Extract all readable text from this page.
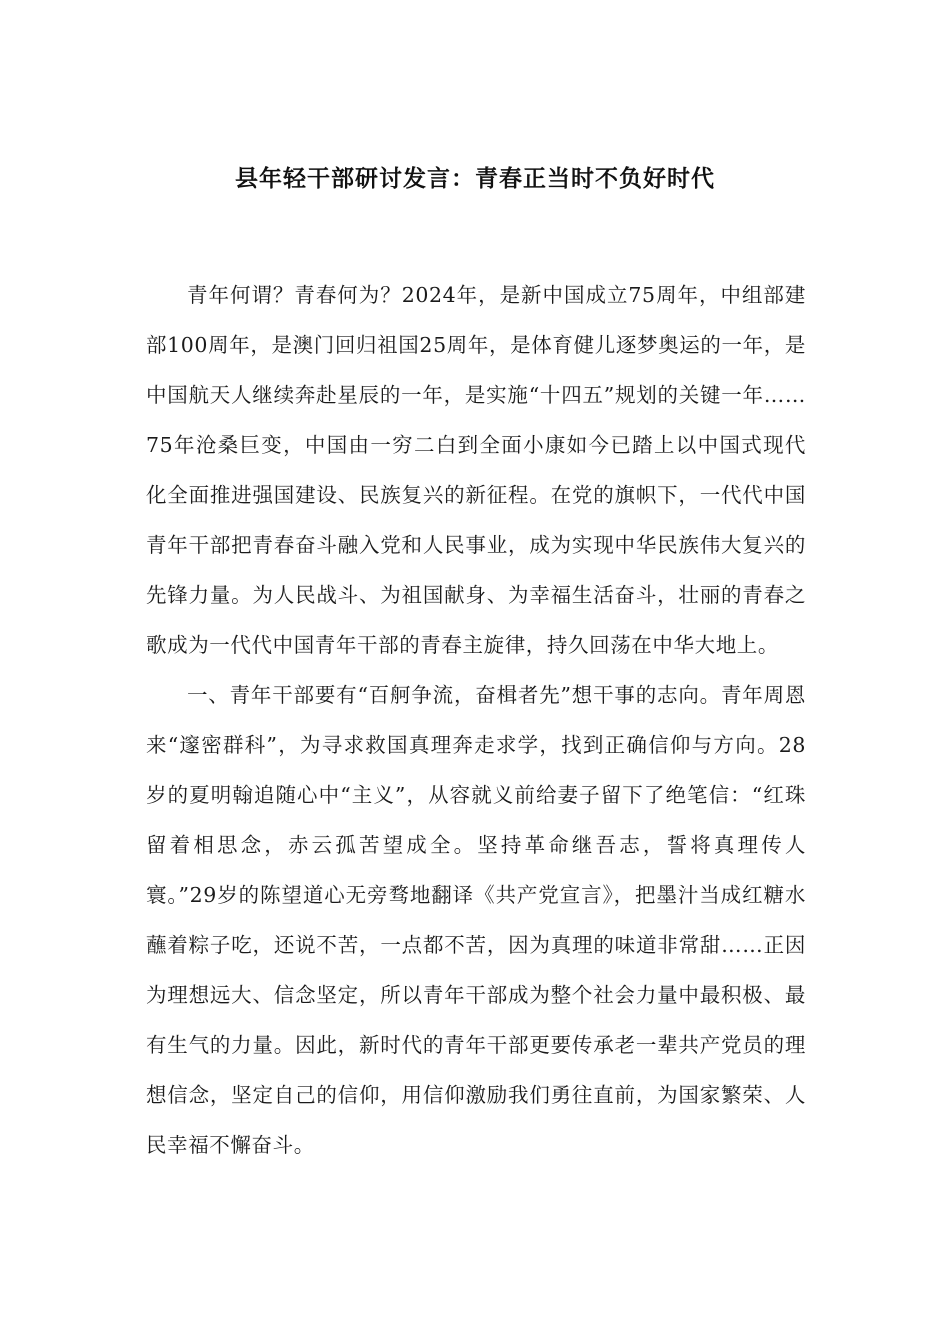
县年轻干部研讨发言：青春正当时不负好时代

青年何谓？青春何为？2024年，是新中国成立75周年，中组部建部100周年，是澳门回归祖国25周年，是体育健儿逐梦奥运的一年，是中国航天人继续奔赴星辰的一年，是实施“十四五”规划的关键一年……75年沧桑巨变，中国由一穷二白到全面小康如今已踏上以中国式现代化全面推进强国建设、民族复兴的新征程。在党的旗帜下，一代代中国青年干部把青春奋斗融入党和人民事业，成为实现中华民族伟大复兴的先锋力量。为人民战斗、为祖国献身、为幸福生活奋斗，壮丽的青春之歌成为一代代中国青年干部的青春主旋律，持久回荡在中华大地上。

一、青年干部要有“百舸争流，奋楫者先”想干事的志向。青年周恩来“邃密群科”，为寻求救国真理奔走求学，找到正确信仰与方向。28岁的夏明翰追随心中“主义”，从容就义前给妻子留下了绝笔信：“红珠留着相思念，赤云孤苦望成全。坚持革命继吾志，誓将真理传人寰。”29岁的陈望道心无旁骛地翻译《共产党宣言》，把墨汁当成红糖水蘸着粽子吃，还说不苦，一点都不苦，因为真理的味道非常甜……正因为理想远大、信念坚定，所以青年干部成为整个社会力量中最积极、最有生气的力量。因此，新时代的青年干部更要传承老一辈共产党员的理想信念，坚定自己的信仰，用信仰激励我们勇往直前，为国家繁荣、人民幸福不懈奋斗。
